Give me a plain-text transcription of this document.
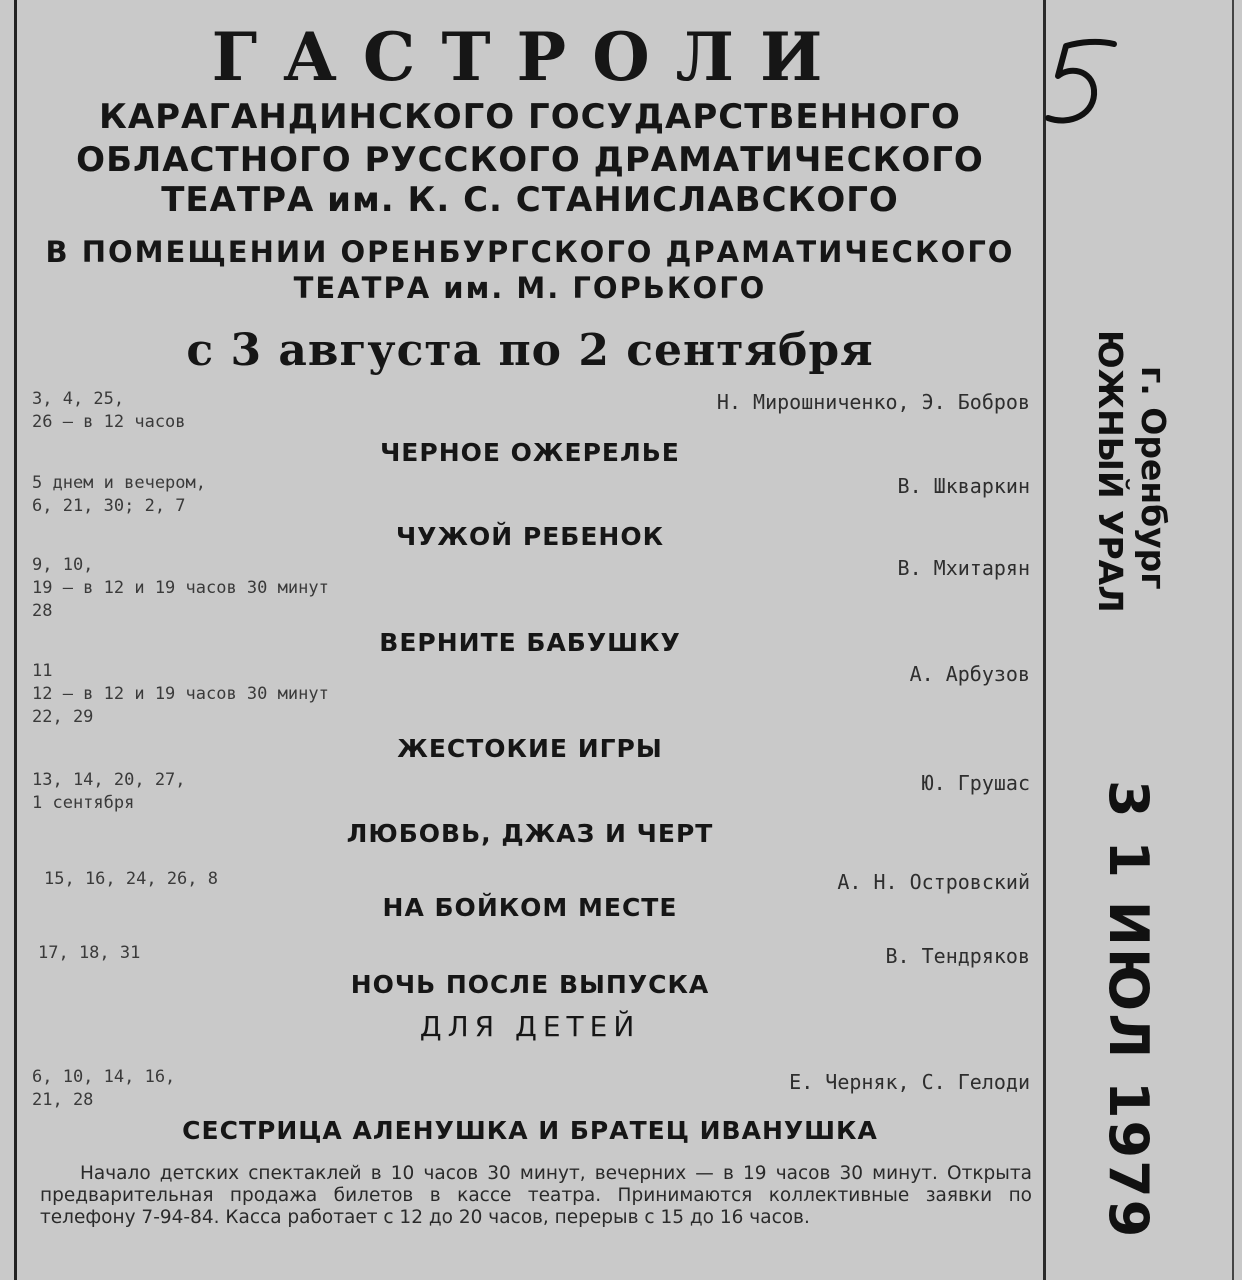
ГАСТРОЛИ
КАРАГАНДИНСКОГО ГОСУДАРСТВЕННОГО
ОБЛАСТНОГО РУССКОГО ДРАМАТИЧЕСКОГО
ТЕАТРА им. К. С. СТАНИСЛАВСКОГО
В ПОМЕЩЕНИИ ОРЕНБУРГСКОГО ДРАМАТИЧЕСКОГО
ТЕАТРА им. М. ГОРЬКОГО
с 3 августа по 2 сентября
3, 4, 25,
26 — в 12 часов
Н. Мирошниченко, Э. Бобров
ЧЕРНОЕ ОЖЕРЕЛЬЕ
5 днем и вечером,
6, 21, 30; 2, 7
В. Шкваркин
ЧУЖОЙ РЕБЕНОК
9, 10,
19 — в 12 и 19 часов 30 минут
28
В. Мхитарян
ВЕРНИТЕ БАБУШКУ
11
12 — в 12 и 19 часов 30 минут
22, 29
А. Арбузов
ЖЕСТОКИЕ ИГРЫ
13, 14, 20, 27,
1 сентября
Ю. Грушас
ЛЮБОВЬ, ДЖАЗ И ЧЕРТ
15, 16, 24, 26, 8	А. Н. Островский
НА БОЙКОМ МЕСТЕ
17, 18, 31	В. Тендряков
НОЧЬ ПОСЛЕ ВЫПУСКА
ДЛЯ ДЕТЕЙ
6, 10, 14, 16,
21, 28
Е. Черняк, С. Гелоди
СЕСТРИЦА АЛЕНУШКА И БРАТЕЦ ИВАНУШКА
Начало детских спектаклей в 10 часов 30 минут, вечерних — в 19 часов 30 минут. Открыта предварительная продажа билетов в кассе театра. Принимаются коллективные заявки по телефону 7-94-84. Касса работает с 12 до 20 часов, перерыв с 15 до 16 часов.
ЮЖНЫЙ УРАЛ г. Оренбург
3 1 ИЮЛ 1979
